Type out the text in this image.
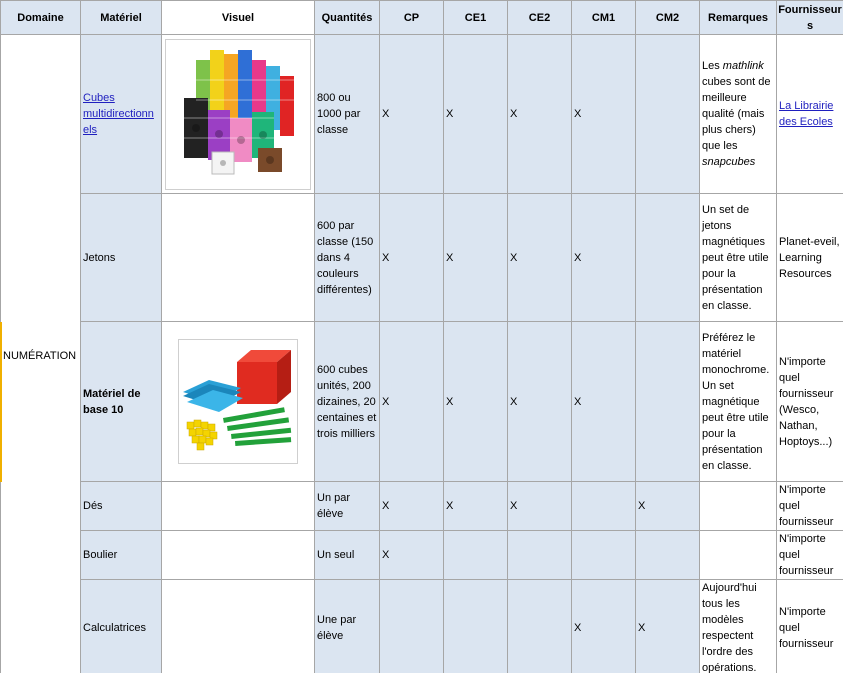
Domaine	Matériel	Visuel	Quantités	CP	CE1	CE2	CM1	CM2	Remarques	Fournisseurs
NUMÉRATION	Cubes multidirectionnels		800 ou 1000 par classe	X	X	X	X		Les mathlink cubes sont de meilleure qualité (mais plus chers) que les snapcubes	La Librairie des Ecoles
	Jetons		600 par classe (150 dans 4 couleurs différentes)	X	X	X	X		Un set de jetons magnétiques peut être utile pour la présentation en classe.	Planet-eveil, Learning Resources
	Matériel de base 10		600 cubes unités, 200 dizaines, 20 centaines et trois milliers	X	X	X	X		Préférez le matériel monochrome. Un set magnétique peut être utile pour la présentation en classe.	N'importe quel fournisseur (Wesco, Nathan, Hoptoys...)
	Dés		Un par élève	X	X	X		X		N'importe quel fournisseur
	Boulier		Un seul	X						N'importe quel fournisseur
	Calculatrices		Une par élève				X	X	Aujourd'hui tous les modèles respectent l'ordre des opérations.	N'importe quel fournisseur
